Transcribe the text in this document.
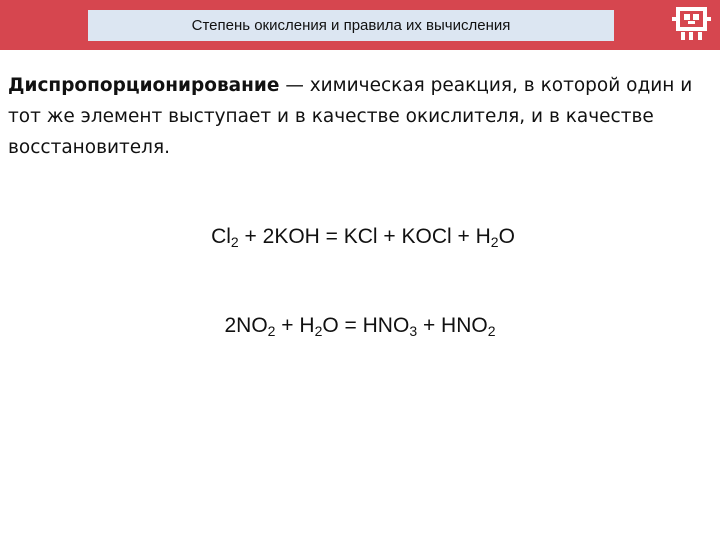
Степень окисления и правила их вычисления
Диспропорционирование — химическая реакция, в которой один и тот же элемент выступает и в качестве окислителя, и в качестве восстановителя.
$Cl_2 + 2KOH$ = KCl + KOCl + $H_2O$
$2NO_2 + H_2O = HNO_3 + HNO_2$
